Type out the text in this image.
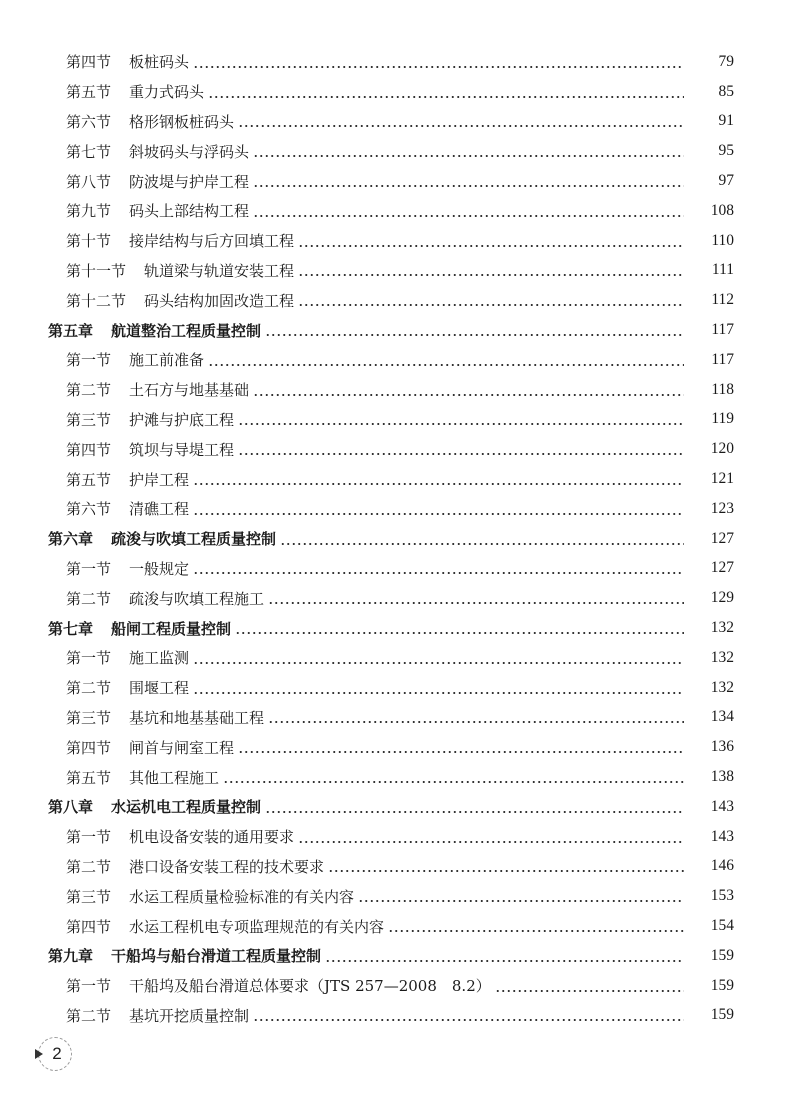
第四节 板桩码头	79
第五节 重力式码头	85
第六节 格形钢板桩码头	91
第七节 斜坡码头与浮码头	95
第八节 防波堤与护岸工程	97
第九节 码头上部结构工程	108
第十节 接岸结构与后方回填工程	110
第十一节 轨道梁与轨道安装工程	111
第十二节 码头结构加固改造工程	112
第五章 航道整治工程质量控制	117
第一节 施工前准备	117
第二节 土石方与地基基础	118
第三节 护滩与护底工程	119
第四节 筑坝与导堤工程	120
第五节 护岸工程	121
第六节 清礁工程	123
第六章 疏浚与吹填工程质量控制	127
第一节 一般规定	127
第二节 疏浚与吹填工程施工	129
第七章 船闸工程质量控制	132
第一节 施工监测	132
第二节 围堰工程	132
第三节 基坑和地基基础工程	134
第四节 闸首与闸室工程	136
第五节 其他工程施工	138
第八章 水运机电工程质量控制	143
第一节 机电设备安装的通用要求	143
第二节 港口设备安装工程的技术要求	146
第三节 水运工程质量检验标准的有关内容	153
第四节 水运工程机电专项监理规范的有关内容	154
第九章 干船坞与船台滑道工程质量控制	159
第一节 干船坞及船台滑道总体要求（JTS 257—2008　8.2）	159
第二节 基坑开挖质量控制	159
2
